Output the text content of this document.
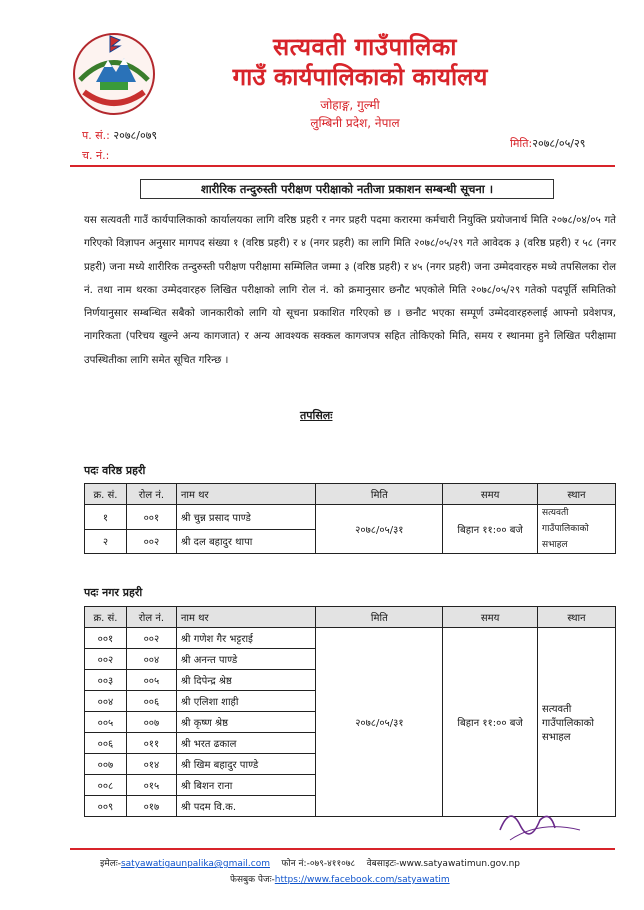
सत्यवती गाउँपालिका
गाउँ कार्यपालिकाको कार्यालय
जोहाङ्ग, गुल्मी
लुम्बिनी प्रदेश, नेपाल
प. सं.: २०७८/०७९
च. नं.:
मिति:२०७८/०५/२९
शारीरिक तन्दुरुस्ती परीक्षण परीक्षाको नतीजा प्रकाशन सम्बन्धी सूचना ।
यस सत्यवती गाउँ कार्यपालिकाको कार्यालयका लागि वरिष्ठ प्रहरी र नगर प्रहरी पदमा करारमा कर्मचारी नियुक्ति प्रयोजनार्थ मिति २०७८/०४/०५ गते गरिएको विज्ञापन अनुसार मागपद संख्या १ (वरिष्ठ प्रहरी) र ४ (नगर प्रहरी) का लागि मिति २०७८/०५/२९ गते आवेदक ३ (वरिष्ठ प्रहरी) र ५८ (नगर प्रहरी) जना मध्ये शारीरिक तन्दुरुस्ती परीक्षण परीक्षामा सम्मिलित जम्मा ३ (वरिष्ठ प्रहरी) र ४५ (नगर प्रहरी) जना उम्मेदवारहरु मध्ये तपसिलका रोल नं. तथा नाम थरका उम्मेदवारहरु लिखित परीक्षाको लागि रोल नं. को क्रमानुसार छनौट भएकोले मिति २०७८/०५/२९ गतेको पदपूर्ति समितिको निर्णयानुसार सम्बन्धित सबैको जानकारीको लागि यो सूचना प्रकाशित गरिएको छ । छनौट भएका सम्पूर्ण उम्मेदवारहरुलाई आफ्नो प्रवेशपत्र, नागरिकता (परिचय खुल्ने अन्य कागजात) र अन्य आवश्यक सक्कल कागजपत्र सहित तोकिएको मिति, समय र स्थानमा हुने लिखित परीक्षामा उपस्थितीका लागि समेत सूचित गरिन्छ ।
तपसिलः
पदः वरिष्ठ प्रहरी
क्र. सं.	रोल नं.	नाम थर	मिति	समय	स्थान
१	००१	श्री चुन्न प्रसाद पाण्डे	२०७८/०५/३१	बिहान ११:०० बजे	सत्यवती गाउँपालिकाको सभाहल
२	००२	श्री दल बहादुर थापा			
पदः नगर प्रहरी
क्र. सं.	रोल नं.	नाम थर	मिति	समय	स्थान
००१	००२	श्री गणेश गैर भट्टराई	२०७८/०५/३१	बिहान ११:०० बजे	सत्यवती गाउँपालिकाको सभाहल
००२	००४	श्री अनन्त पाण्डे			
००३	००५	श्री दिपेन्द्र श्रेष्ठ			
००४	००६	श्री एलिशा शाही			
००५	००७	श्री कृष्ण श्रेष्ठ			
००६	०११	श्री भरत ढकाल			
००७	०१४	श्री खिम बहादुर पाण्डे			
००८	०१५	श्री बिशन राना			
००९	०१७	श्री पदम वि.क.			
इमेलः-satyawatigaunpalika@gmail.com फोन नं:-०७९-४११०७८ वेबसाइटः-www.satyawatimun.gov.np
फेसबुक पेजः-https://www.facebook.com/satyawatim
